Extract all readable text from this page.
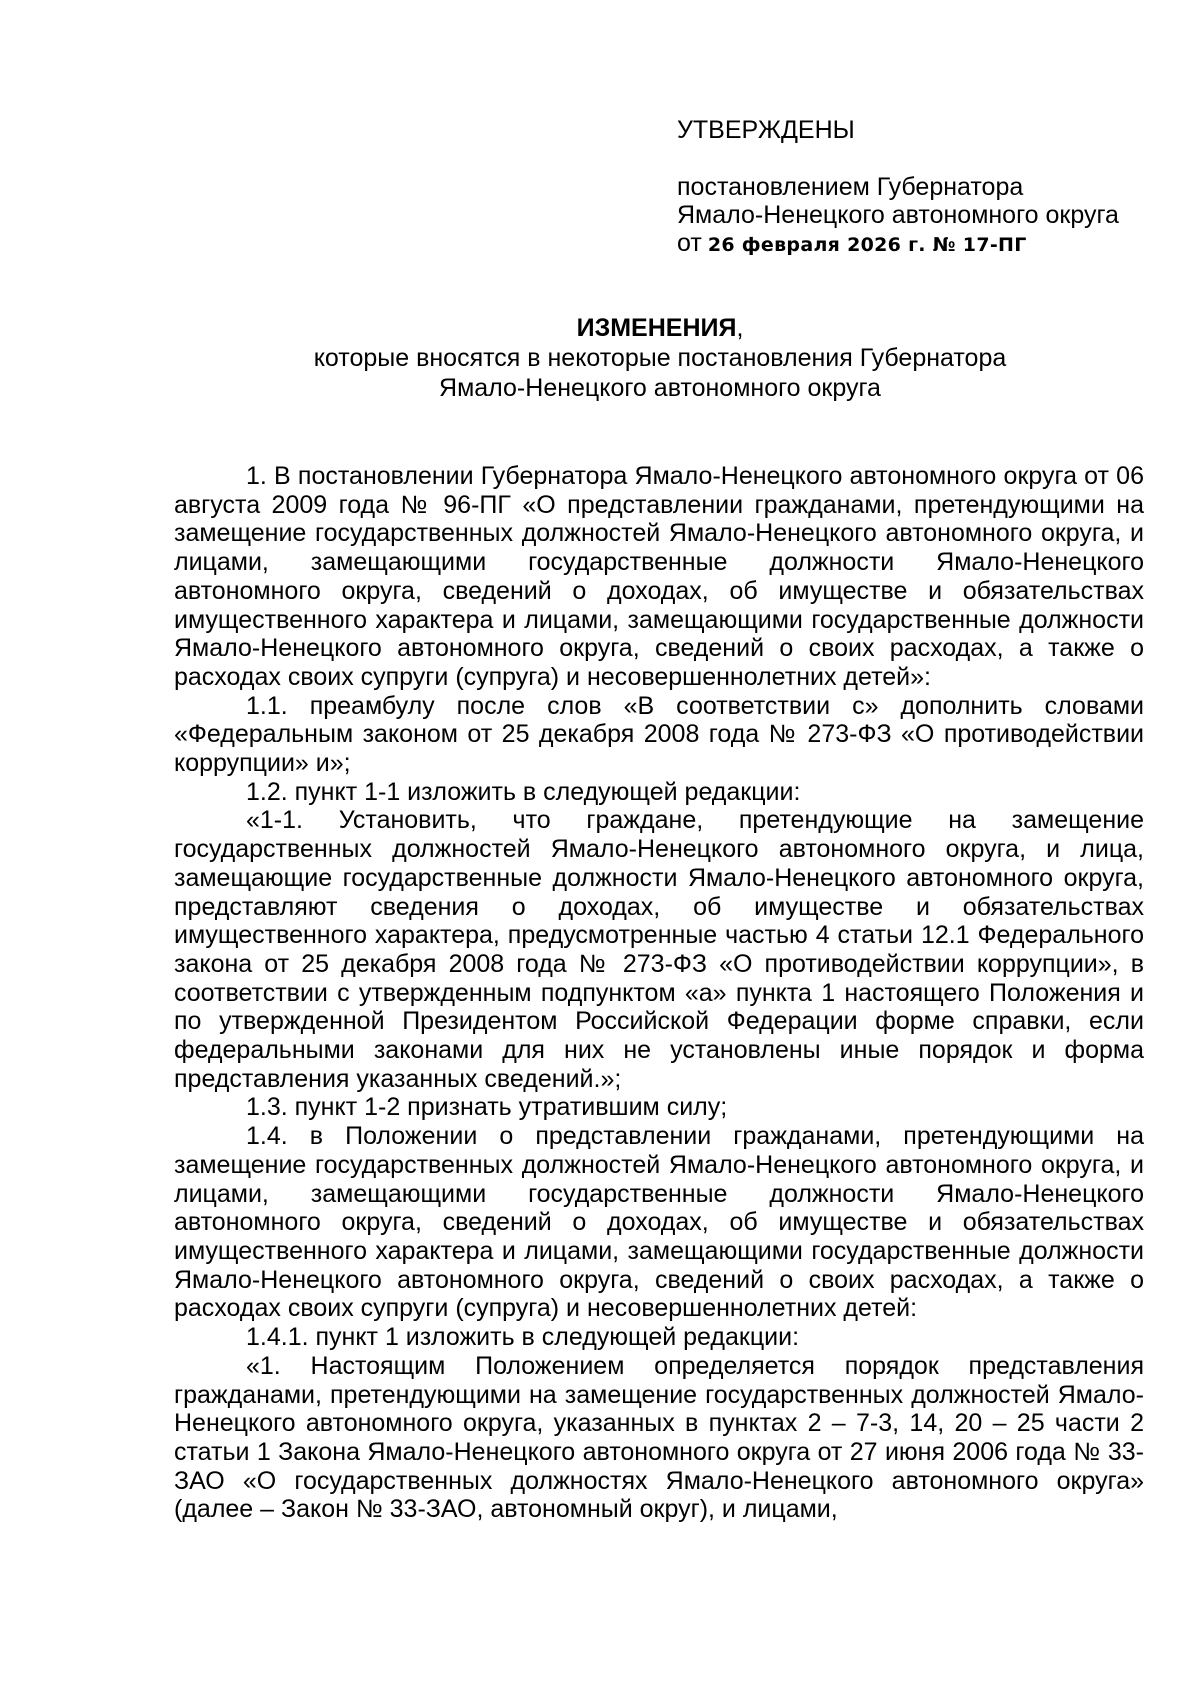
УТВЕРЖДЕНЫ
постановлением Губернатора
Ямало-Ненецкого автономного округа
от 26 февраля 2026 г. № 17-ПГ
ИЗМЕНЕНИЯ,
которые вносятся в некоторые постановления Губернатора
Ямало-Ненецкого автономного округа

1. В постановлении Губернатора Ямало-Ненецкого автономного округа от 06 августа 2009 года № 96-ПГ «О представлении гражданами, претендующими на замещение государственных должностей Ямало-Ненецкого автономного округа, и лицами, замещающими государственные должности Ямало-Ненецкого автономного округа, сведений о доходах, об имуществе и обязательствах имущественного характера и лицами, замещающими государственные должности Ямало-Ненецкого автономного округа, сведений о своих расходах, а также о расходах своих супруги (супруга) и несовершеннолетних детей»:

1.1. преамбулу после слов «В соответствии с» дополнить словами «Федеральным законом от 25 декабря 2008 года № 273-ФЗ «О противодействии коррупции» и»;

1.2. пункт 1-1 изложить в следующей редакции:

«1-1. Установить, что граждане, претендующие на замещение государственных должностей Ямало-Ненецкого автономного округа, и лица, замещающие государственные должности Ямало-Ненецкого автономного округа, представляют сведения о доходах, об имуществе и обязательствах имущественного характера, предусмотренные частью 4 статьи 12.1 Федерального закона от 25 декабря 2008 года № 273-ФЗ «О противодействии коррупции», в соответствии с утвержденным подпунктом «а» пункта 1 настоящего Положения и по утвержденной Президентом Российской Федерации форме справки, если федеральными законами для них не установлены иные порядок и форма представления указанных сведений.»;

1.3. пункт 1-2 признать утратившим силу;

1.4. в Положении о представлении гражданами, претендующими на замещение государственных должностей Ямало-Ненецкого автономного округа, и лицами, замещающими государственные должности Ямало-Ненецкого автономного округа, сведений о доходах, об имуществе и обязательствах имущественного характера и лицами, замещающими государственные должности Ямало-Ненецкого автономного округа, сведений о своих расходах, а также о расходах своих супруги (супруга) и несовершеннолетних детей:

1.4.1. пункт 1 изложить в следующей редакции:

«1. Настоящим Положением определяется порядок представления гражданами, претендующими на замещение государственных должностей Ямало-Ненецкого автономного округа, указанных в пунктах 2 – 7-3, 14, 20 – 25 части 2 статьи 1 Закона Ямало-Ненецкого автономного округа от 27 июня 2006 года № 33-ЗАО «О государственных должностях Ямало-Ненецкого автономного округа» (далее – Закон № 33-ЗАО, автономный округ), и лицами,
